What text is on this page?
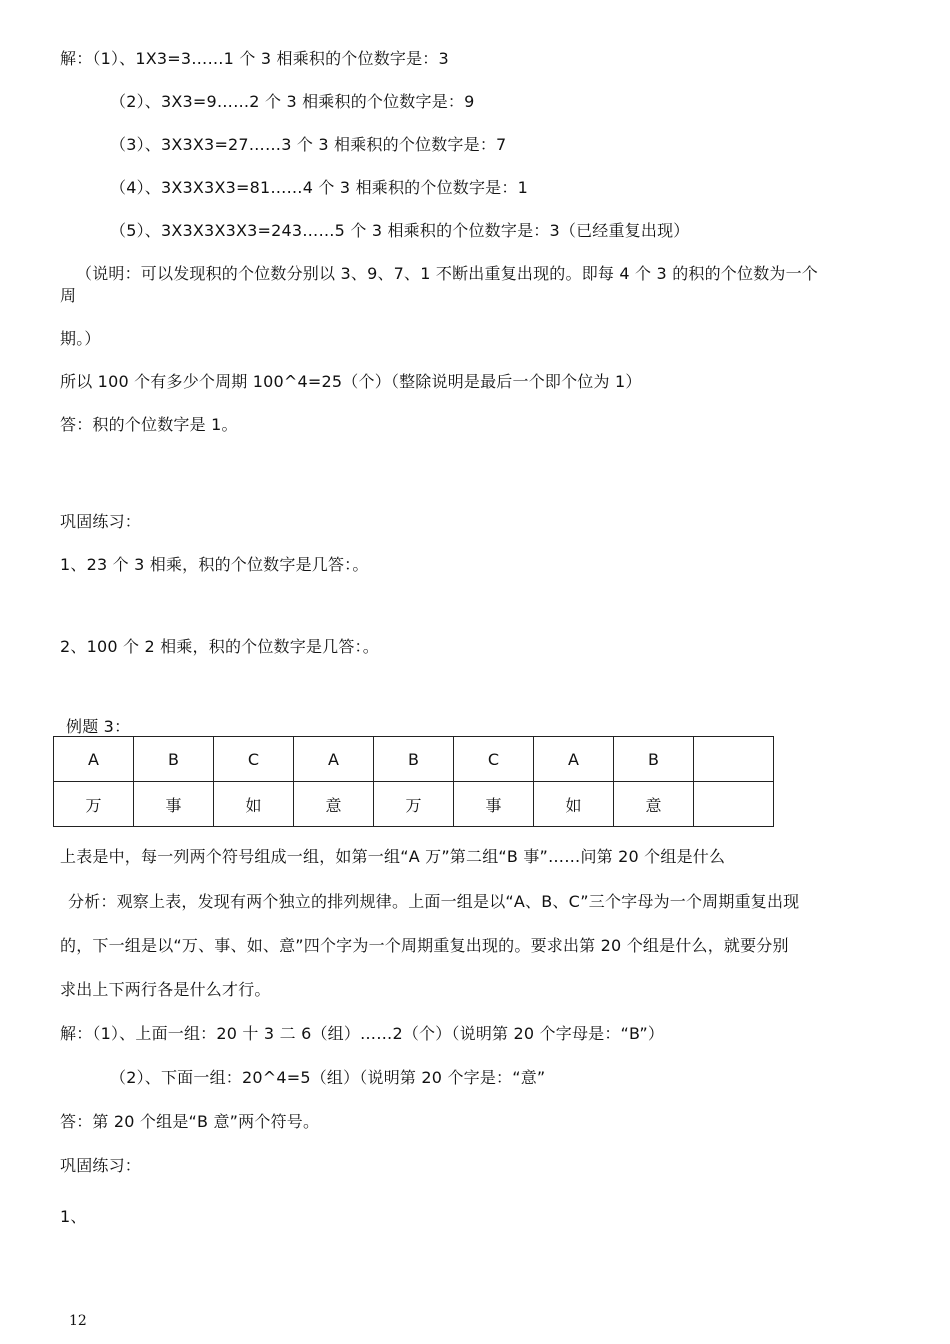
解：（1）、1X3=3……1 个 3 相乘积的个位数字是：3
（2）、3X3=9……2 个 3 相乘积的个位数字是：9
（3）、3X3X3=27……3 个 3 相乘积的个位数字是：7
（4）、3X3X3X3=81……4 个 3 相乘积的个位数字是：1
（5）、3X3X3X3X3=243……5 个 3 相乘积的个位数字是：3（已经重复出现）
（说明：可以发现积的个位数分别以 3、9、7、1 不断出重复出现的。即每 4 个 3 的积的个位数为一个
周
期。）
所以 100 个有多少个周期 100^4=25（个）（整除说明是最后一个即个位为 1）
答：积的个位数字是 1。
巩固练习：
1、23 个 3 相乘，积的个位数字是几答：。
2、100 个 2 相乘，积的个位数字是几答：。
例题 3：
A	B	C	A	B	C	A	B	
万	事	如	意	万	事	如	意	
上表是中，每一列两个符号组成一组，如第一组“A 万”第二组“B 事”……问第 20 个组是什么
分析：观察上表，发现有两个独立的排列规律。上面一组是以“A、B、C”三个字母为一个周期重复出现
的，下一组是以“万、事、如、意”四个字为一个周期重复出现的。要求出第 20 个组是什么，就要分别
求出上下两行各是什么才行。
解：（1）、上面一组：20 十 3 二 6（组）……2（个）（说明第 20 个字母是：“B”）
（2）、下面一组：20^4=5（组）（说明第 20 个字是：“意”
答：第 20 个组是“B 意”两个符号。
巩固练习：
1、
12
